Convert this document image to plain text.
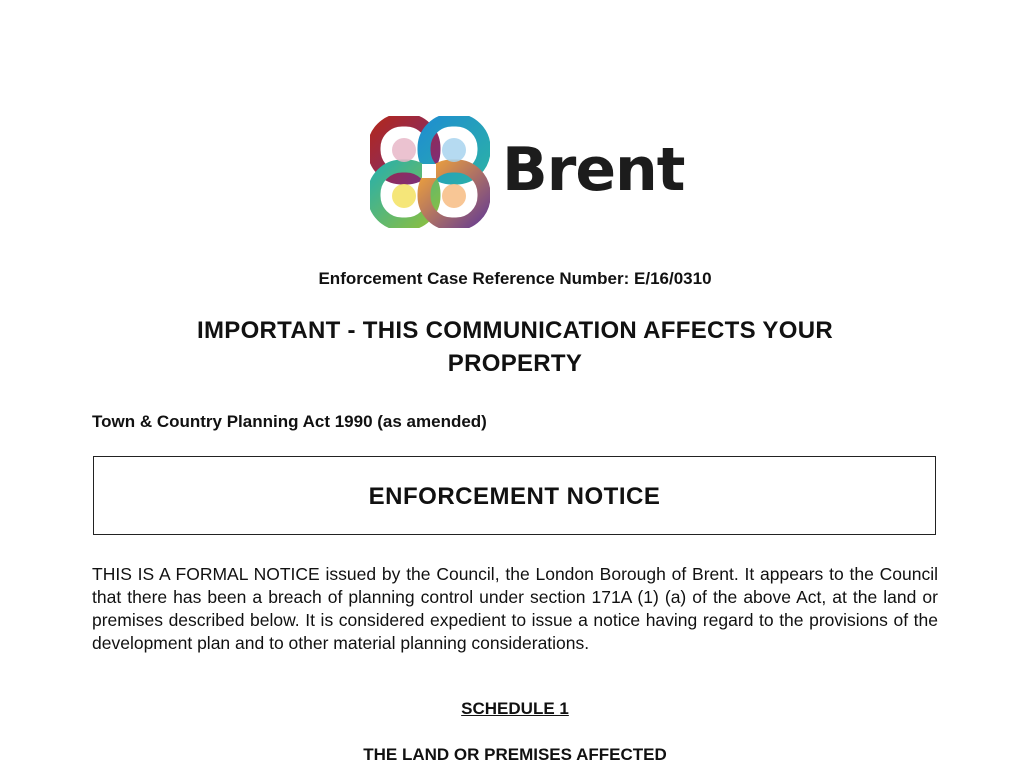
Brent
Enforcement Case Reference Number: E/16/0310
IMPORTANT - THIS COMMUNICATION AFFECTS YOUR PROPERTY
Town & Country Planning Act 1990 (as amended)
ENFORCEMENT NOTICE
THIS IS A FORMAL NOTICE issued by the Council, the London Borough of Brent. It appears to the Council that there has been a breach of planning control under section 171A (1) (a) of the above Act, at the land or premises described below. It is considered expedient to issue a notice having regard to the provisions of the development plan and to other material planning considerations.
SCHEDULE 1
THE LAND OR PREMISES AFFECTED
